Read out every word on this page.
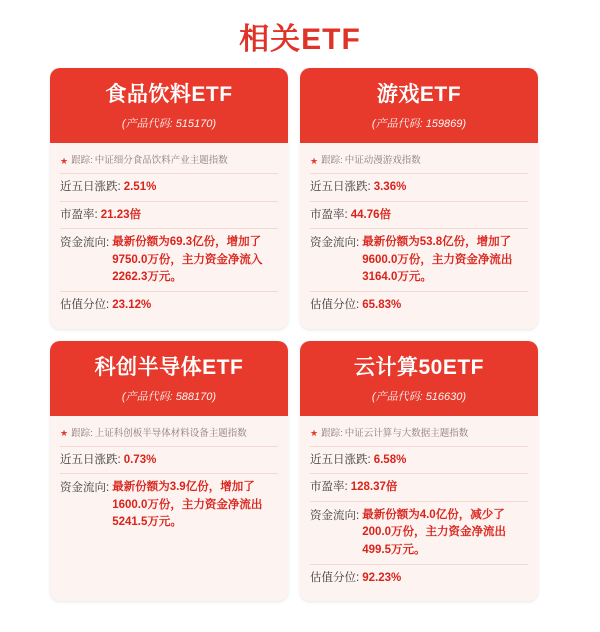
相关ETF
食品饮料ETF
(产品代码: 515170)
★ 跟踪: 中证细分食品饮料产业主题指数
近五日涨跌: 2.51%
市盈率: 21.23倍
资金流向: 最新份额为69.3亿份，增加了9750.0万份，主力资金净流入2262.3万元。
估值分位: 23.12%
游戏ETF
(产品代码: 159869)
★ 跟踪: 中证动漫游戏指数
近五日涨跌: 3.36%
市盈率: 44.76倍
资金流向: 最新份额为53.8亿份，增加了9600.0万份，主力资金净流出3164.0万元。
估值分位: 65.83%
科创半导体ETF
(产品代码: 588170)
★ 跟踪: 上证科创板半导体材料设备主题指数
近五日涨跌: 0.73%
资金流向: 最新份额为3.9亿份，增加了1600.0万份，主力资金净流出5241.5万元。
云计算50ETF
(产品代码: 516630)
★ 跟踪: 中证云计算与大数据主题指数
近五日涨跌: 6.58%
市盈率: 128.37倍
资金流向: 最新份额为4.0亿份，减少了200.0万份，主力资金净流出499.5万元。
估值分位: 92.23%
